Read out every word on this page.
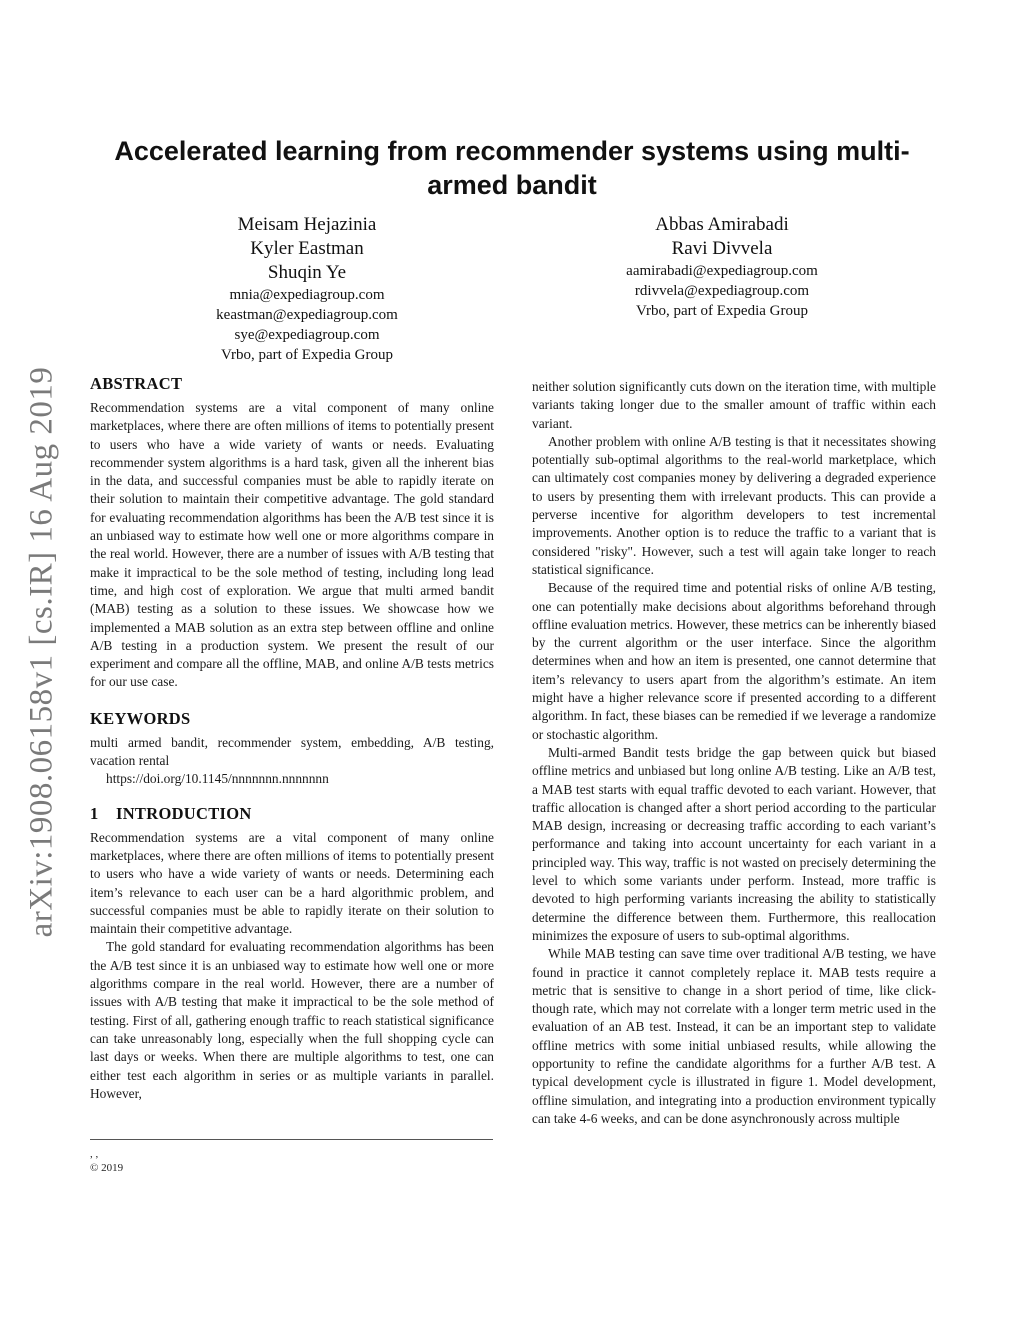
arXiv:1908.06158v1 [cs.IR] 16 Aug 2019
Accelerated learning from recommender systems using multi-armed bandit
Meisam Hejazinia
Kyler Eastman
Shuqin Ye
mnia@expediagroup.com
keastman@expediagroup.com
sye@expediagroup.com
Vrbo, part of Expedia Group
Abbas Amirabadi
Ravi Divvela
aamirabadi@expediagroup.com
rdivvela@expediagroup.com
Vrbo, part of Expedia Group
ABSTRACT

Recommendation systems are a vital component of many online marketplaces, where there are often millions of items to potentially present to users who have a wide variety of wants or needs. Evaluating recommender system algorithms is a hard task, given all the inherent bias in the data, and successful companies must be able to rapidly iterate on their solution to maintain their competitive advantage. The gold standard for evaluating recommendation algorithms has been the A/B test since it is an unbiased way to estimate how well one or more algorithms compare in the real world. However, there are a number of issues with A/B testing that make it impractical to be the sole method of testing, including long lead time, and high cost of exploration. We argue that multi armed bandit (MAB) testing as a solution to these issues. We showcase how we implemented a MAB solution as an extra step between offline and online A/B testing in a production system. We present the result of our experiment and compare all the offline, MAB, and online A/B tests metrics for our use case.

KEYWORDS

multi armed bandit, recommender system, embedding, A/B testing, vacation rental

https://doi.org/10.1145/nnnnnnn.nnnnnnn

1 INTRODUCTION

Recommendation systems are a vital component of many online marketplaces, where there are often millions of items to potentially present to users who have a wide variety of wants or needs. Determining each item’s relevance to each user can be a hard algorithmic problem, and successful companies must be able to rapidly iterate on their solution to maintain their competitive advantage.

The gold standard for evaluating recommendation algorithms has been the A/B test since it is an unbiased way to estimate how well one or more algorithms compare in the real world. However, there are a number of issues with A/B testing that make it impractical to be the sole method of testing. First of all, gathering enough traffic to reach statistical significance can take unreasonably long, especially when the full shopping cycle can last days or weeks. When there are multiple algorithms to test, one can either test each algorithm in series or as multiple variants in parallel. However,

, ,
© 2019

neither solution significantly cuts down on the iteration time, with multiple variants taking longer due to the smaller amount of traffic within each variant.

Another problem with online A/B testing is that it necessitates showing potentially sub-optimal algorithms to the real-world marketplace, which can ultimately cost companies money by delivering a degraded experience to users by presenting them with irrelevant products. This can provide a perverse incentive for algorithm developers to test incremental improvements. Another option is to reduce the traffic to a variant that is considered "risky". However, such a test will again take longer to reach statistical significance.

Because of the required time and potential risks of online A/B testing, one can potentially make decisions about algorithms beforehand through offline evaluation metrics. However, these metrics can be inherently biased by the current algorithm or the user interface. Since the algorithm determines when and how an item is presented, one cannot determine that item’s relevancy to users apart from the algorithm’s estimate. An item might have a higher relevance score if presented according to a different algorithm. In fact, these biases can be remedied if we leverage a randomize or stochastic algorithm.

Multi-armed Bandit tests bridge the gap between quick but biased offline metrics and unbiased but long online A/B testing. Like an A/B test, a MAB test starts with equal traffic devoted to each variant. However, that traffic allocation is changed after a short period according to the particular MAB design, increasing or decreasing traffic according to each variant’s performance and taking into account uncertainty for each variant in a principled way. This way, traffic is not wasted on precisely determining the level to which some variants under perform. Instead, more traffic is devoted to high performing variants increasing the ability to statistically determine the difference between them. Furthermore, this reallocation minimizes the exposure of users to sub-optimal algorithms.

While MAB testing can save time over traditional A/B testing, we have found in practice it cannot completely replace it. MAB tests require a metric that is sensitive to change in a short period of time, like click-though rate, which may not correlate with a longer term metric used in the evaluation of an AB test. Instead, it can be an important step to validate offline metrics with some initial unbiased results, while allowing the opportunity to refine the candidate algorithms for a further A/B test. A typical development cycle is illustrated in figure 1. Model development, offline simulation, and integrating into a production environment typically can take 4-6 weeks, and can be done asynchronously across multiple
